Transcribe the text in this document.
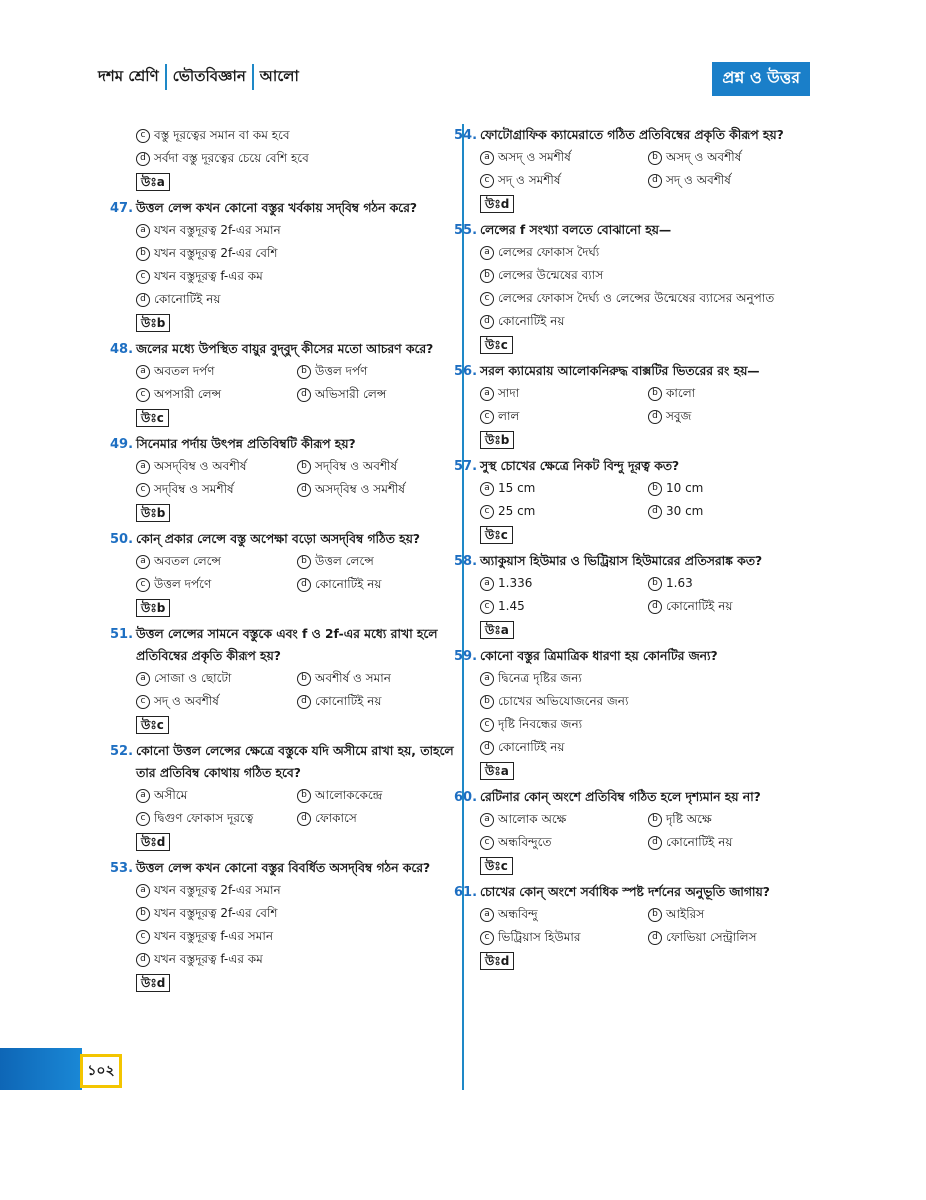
দশম শ্রেণি ভৌতবিজ্ঞান আলো	প্রশ্ন ও উত্তর
c বস্তু দূরত্বের সমান বা কম হবে
d সর্বদা বস্তু দূরত্বের চেয়ে বেশি হবে
উঃa
47. উত্তল লেন্স কখন কোনো বস্তুর খর্বকায় সদ্‌বিম্ব গঠন করে?
a যখন বস্তুদূরত্ব 2f-এর সমান
b যখন বস্তুদূরত্ব 2f-এর বেশি
c যখন বস্তুদূরত্ব f-এর কম
d কোনোটিই নয়
উঃb
48. জলের মধ্যে উপস্থিত বায়ুর বুদ্‌বুদ্ কীসের মতো আচরণ করে?
a অবতল দর্পণ	b উত্তল দর্পণ
c অপসারী লেন্স	d অভিসারী লেন্স
উঃc
49. সিনেমার পর্দায় উৎপন্ন প্রতিবিম্বটি কীরূপ হয়?
a অসদ্‌বিম্ব ও অবশীর্ষ	b সদ্‌বিম্ব ও অবশীর্ষ
c সদ্‌বিম্ব ও সমশীর্ষ	d অসদ্‌বিম্ব ও সমশীর্ষ
উঃb
50. কোন্ প্রকার লেন্সে বস্তু অপেক্ষা বড়ো অসদ্‌বিম্ব গঠিত হয়?
a অবতল লেন্সে	b উত্তল লেন্সে
c উত্তল দর্পণে	d কোনোটিই নয়
উঃb
51. উত্তল লেন্সের সামনে বস্তুকে এবং f ও 2f-এর মধ্যে রাখা হলে প্রতিবিম্বের প্রকৃতি কীরূপ হয়?
a সোজা ও ছোটো	b অবশীর্ষ ও সমান
c সদ্‌ ও অবশীর্ষ	d কোনোটিই নয়
উঃc
52. কোনো উত্তল লেন্সের ক্ষেত্রে বস্তুকে যদি অসীমে রাখা হয়, তাহলে তার প্রতিবিম্ব কোথায় গঠিত হবে?
a অসীমে	b আলোককেন্দ্রে
c দ্বিগুণ ফোকাস দূরত্বে	d ফোকাসে
উঃd
53. উত্তল লেন্স কখন কোনো বস্তুর বিবর্ধিত অসদ্‌বিম্ব গঠন করে?
a যখন বস্তুদূরত্ব 2f-এর সমান
b যখন বস্তুদূরত্ব 2f-এর বেশি
c যখন বস্তুদূরত্ব f-এর সমান
d যখন বস্তুদূরত্ব f-এর কম
উঃd
54. ফোটোগ্রাফিক ক্যামেরাতে গঠিত প্রতিবিম্বের প্রকৃতি কীরূপ হয়?
a অসদ্ ও সমশীর্ষ	b অসদ্ ও অবশীর্ষ
c সদ্ ও সমশীর্ষ	d সদ্ ও অবশীর্ষ
উঃd
55. লেন্সের f সংখ্যা বলতে বোঝানো হয়—
a লেন্সের ফোকাস দৈর্ঘ্য
b লেন্সের উন্মেষের ব্যাস
c লেন্সের ফোকাস দৈর্ঘ্য ও লেন্সের উন্মেষের ব্যাসের অনুপাত
d কোনোটিই নয়
উঃc
56. সরল ক্যামেরায় আলোকনিরুদ্ধ বাক্সটির ভিতরের রং হয়—
a সাদা	b কালো
c লাল	d সবুজ
উঃb
57. সুস্থ চোখের ক্ষেত্রে নিকট বিন্দু দূরত্ব কত?
a 15 cm	b 10 cm
c 25 cm	d 30 cm
উঃc
58. অ্যাকুয়াস হিউমার ও ভিট্রিয়াস হিউমারের প্রতিসরাঙ্ক কত?
a 1.336	b 1.63
c 1.45	d কোনোটিই নয়
উঃa
59. কোনো বস্তুর ত্রিমাত্রিক ধারণা হয় কোনটির জন্য?
a দ্বিনেত্র দৃষ্টির জন্য
b চোখের অভিযোজনের জন্য
c দৃষ্টি নিবন্ধের জন্য
d কোনোটিই নয়
উঃa
60. রেটিনার কোন্ অংশে প্রতিবিম্ব গঠিত হলে দৃশ্যমান হয় না?
a আলোক অক্ষে	b দৃষ্টি অক্ষে
c অন্ধবিন্দুতে	d কোনোটিই নয়
উঃc
61. চোখের কোন্ অংশে সর্বাধিক স্পষ্ট দর্শনের অনুভূতি জাগায়?
a অন্ধবিন্দু	b আইরিস
c ভিট্রিয়াস হিউমার	d ফোভিয়া সেন্ট্রালিস
উঃd
১০২
